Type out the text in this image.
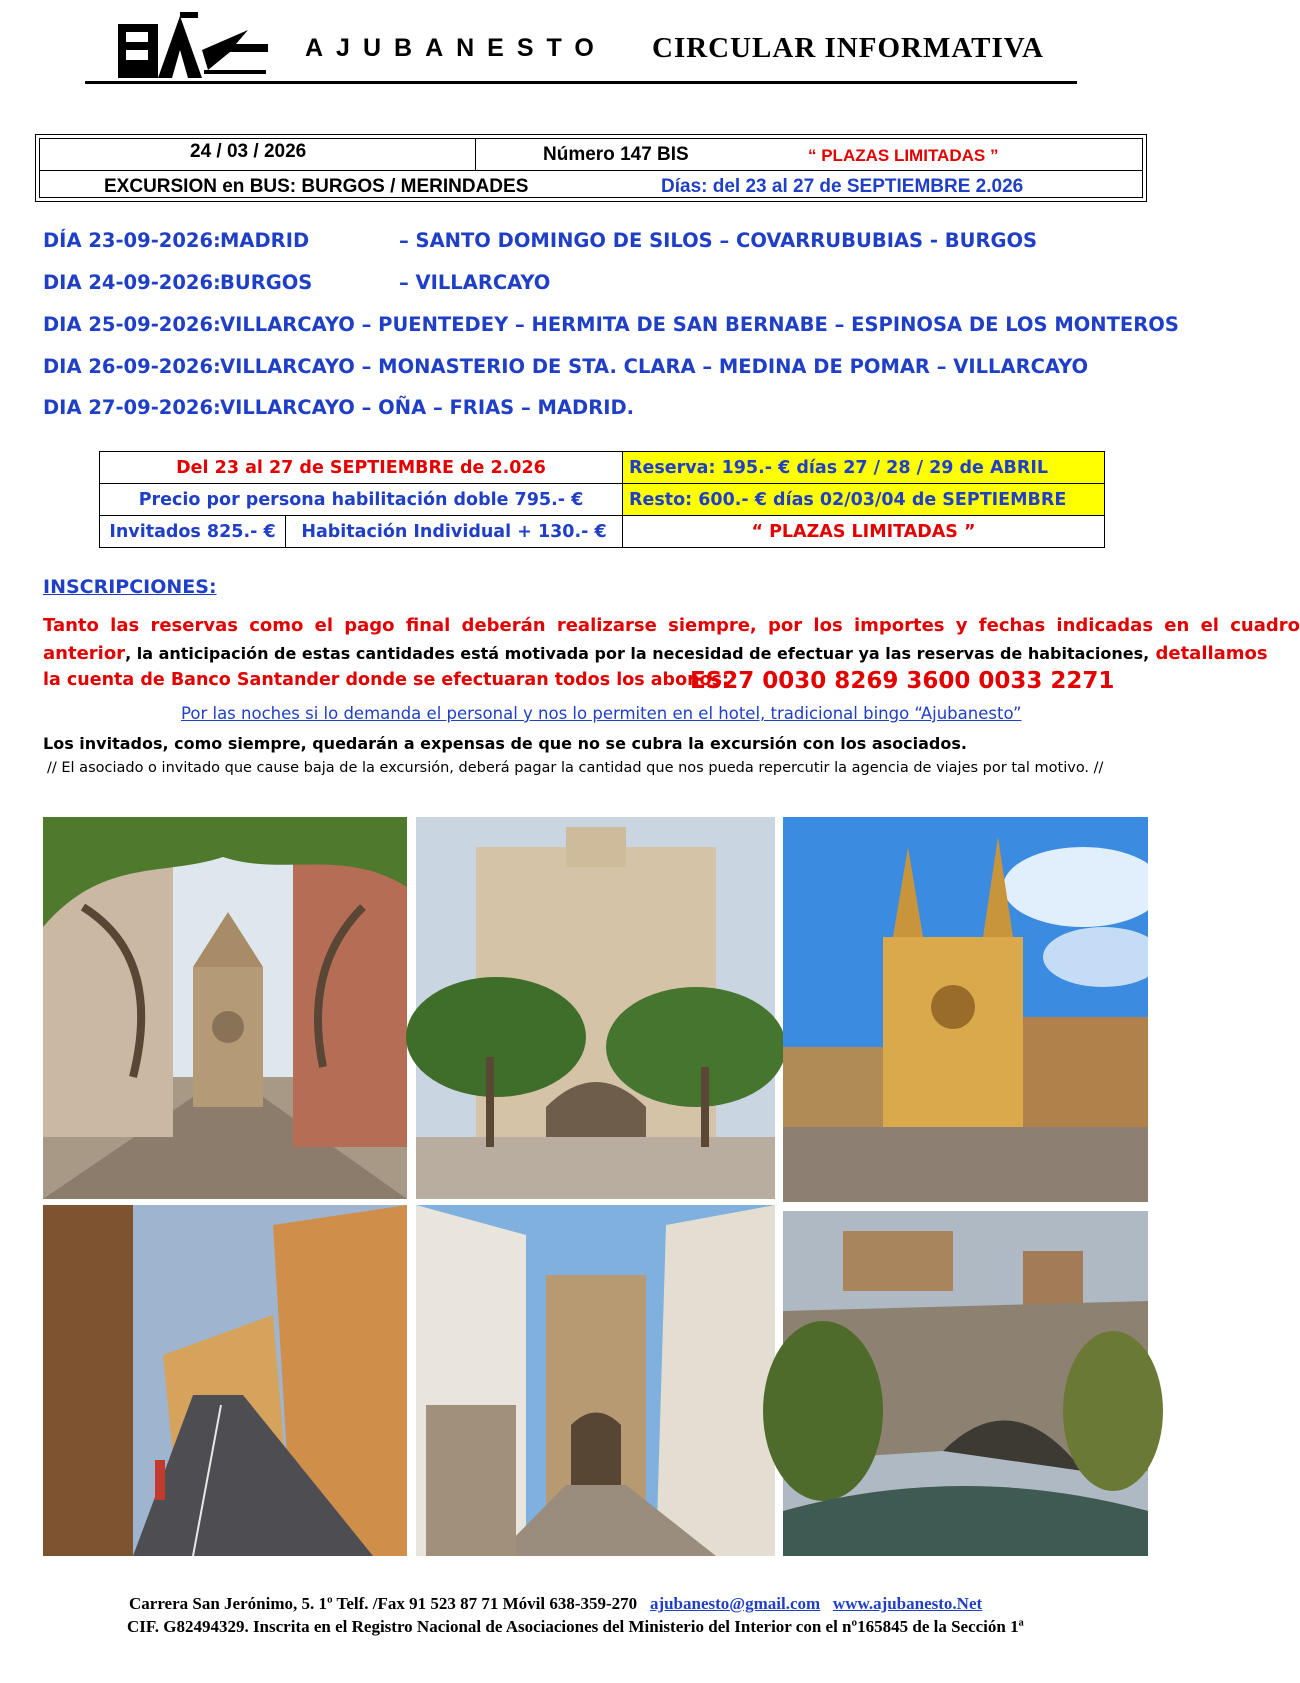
AJUBANESTO CIRCULAR INFORMATIVA
24 / 03 / 2026	Número 147 BIS	“ PLAZAS LIMITADAS ”
EXCURSION en BUS: BURGOS / MERINDADES	Días: del 23 al 27 de SEPTIEMBRE 2.026
DÍA 23-09-2026: MADRID	– SANTO DOMINGO DE SILOS – COVARRUBUBIAS - BURGOS
DIA 24-09-2026: BURGOS	– VILLARCAYO
DIA 25-09-2026: VILLARCAYO – PUENTEDEY – HERMITA DE SAN BERNABE – ESPINOSA DE LOS MONTEROS
DIA 26-09-2026: VILLARCAYO – MONASTERIO DE STA. CLARA – MEDINA DE POMAR – VILLARCAYO
DIA 27-09-2026: VILLARCAYO – OÑA – FRIAS – MADRID.
Del 23 al 27 de SEPTIEMBRE de 2.026		Reserva: 195.- € días 27 / 28 / 29 de ABRIL
Precio por persona habilitación doble 795.- €		Resto: 600.- € días 02/03/04 de SEPTIEMBRE
Invitados 825.- €	Habitación Individual + 130.- €	“ PLAZAS LIMITADAS ”
INSCRIPCIONES:
Tanto las reservas como el pago final deberán realizarse siempre, por los importes y fechas indicadas en el cuadro
anterior, la anticipación de estas cantidades está motivada por la necesidad de efectuar ya las reservas de habitaciones, detallamos
la cuenta de Banco Santander donde se efectuaran todos los abonos:
ES27 0030 8269 3600 0033 2271
Por las noches si lo demanda el personal y nos lo permiten en el hotel, tradicional bingo “Ajubanesto”
Los invitados, como siempre, quedarán a expensas de que no se cubra la excursión con los asociados.
// El asociado o invitado que cause baja de la excursión, deberá pagar la cantidad que nos pueda repercutir la agencia de viajes por tal motivo. //
Carrera San Jerónimo, 5. 1º Telf. /Fax 91 523 87 71 Móvil 638-359-270 ajubanesto@gmail.com www.ajubanesto.Net
CIF. G82494329. Inscrita en el Registro Nacional de Asociaciones del Ministerio del Interior con el nº165845 de la Sección 1ª
